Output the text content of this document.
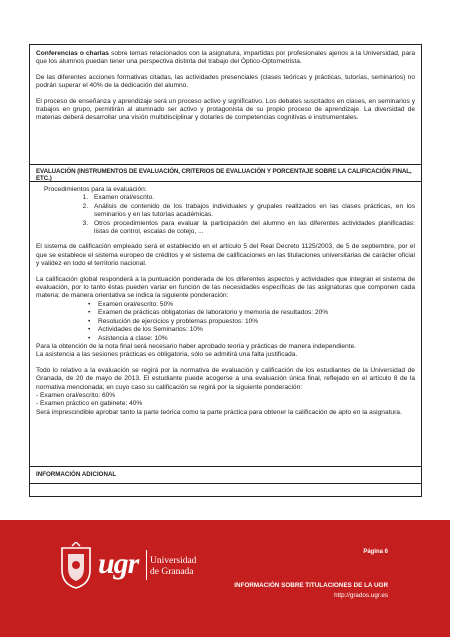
Conferencias o charlas sobre temas relacionados con la asignatura, impartidas por profesionales ajenos a la Universidad, para que los alumnos puedan tener una perspectiva distinta del trabajo del Óptico-Optometrista.

De las diferentes acciones formativas citadas, las actividades presenciales (clases teóricas y prácticas, tutorías, seminarios) no podrán superar el 40% de la dedicación del alumno.

El proceso de enseñanza y aprendizaje será un proceso activo y significativo. Los debates suscitados en clases, en seminarios y trabajos en grupo, permitirán al alumnado ser activo y protagonista de su propio proceso de aprendizaje. La diversidad de materias deberá desarrollar una visión multidisciplinar y dotarles de competencias cognitivas e instrumentales.

EVALUACIÓN (INSTRUMENTOS DE EVALUACIÓN, CRITERIOS DE EVALUACIÓN Y PORCENTAJE SOBRE LA CALIFICACIÓN FINAL, ETC.)

Procedimientos para la evaluación:

1. Examen oral/escrito.
2. Análisis de contenido de los trabajos individuales y grupales realizados en las clases prácticas, en los seminarios y en las tutorías académicas.
3. Otros procedimientos para evaluar la participación del alumno en las diferentes actividades planificadas: listas de control, escalas de cotejo, ...

El sistema de calificación empleado será el establecido en el artículo 5 del Real Decreto 1125/2003, de 5 de septiembre, por el que se establece el sistema europeo de créditos y el sistema de calificaciones en las titulaciones universitarias de carácter oficial y validez en todo el territorio nacional.

La calificación global responderá a la puntuación ponderada de los diferentes aspectos y actividades que integran el sistema de evaluación, por lo tanto éstas pueden variar en función de las necesidades específicas de las asignaturas que componen cada materia; de manera orientativa se indica la siguiente ponderación:

• Examen oral/escrito: 50%
• Examen de prácticas obligatorias de laboratorio y memoria de resultados: 20%
• Resolución de ejercicios y problemas propuestos: 10%
• Actividades de los Seminarios: 10%
• Asistencia a clase: 10%

Para la obtención de la nota final será necesario haber aprobado teoría y prácticas de manera independiente.

La asistencia a las sesiones prácticas es obligatoria, sólo se admitirá una falta justificada.

Todo lo relativo a la evaluación se regirá por la normativa de evaluación y calificación de los estudiantes de la Universidad de Granada, de 20 de mayo de 2013. El estudiante puede acogerse a una evaluación única final, reflejado en el artículo 8 de la normativa mencionada; en cuyo caso su calificación se regirá por la siguiente ponderación:

- Examen oral/escrito: 60%

- Examen práctico en gabinete: 40%

Será imprescindible aprobar tanto la parte teórica como la parte práctica para obtener la calificación de apto en la asignatura.

INFORMACIÓN ADICIONAL
Página 6
ugr Universidad
de Granada
INFORMACIÓN SOBRE TITULACIONES DE LA UGR
http://grados.ugr.es
